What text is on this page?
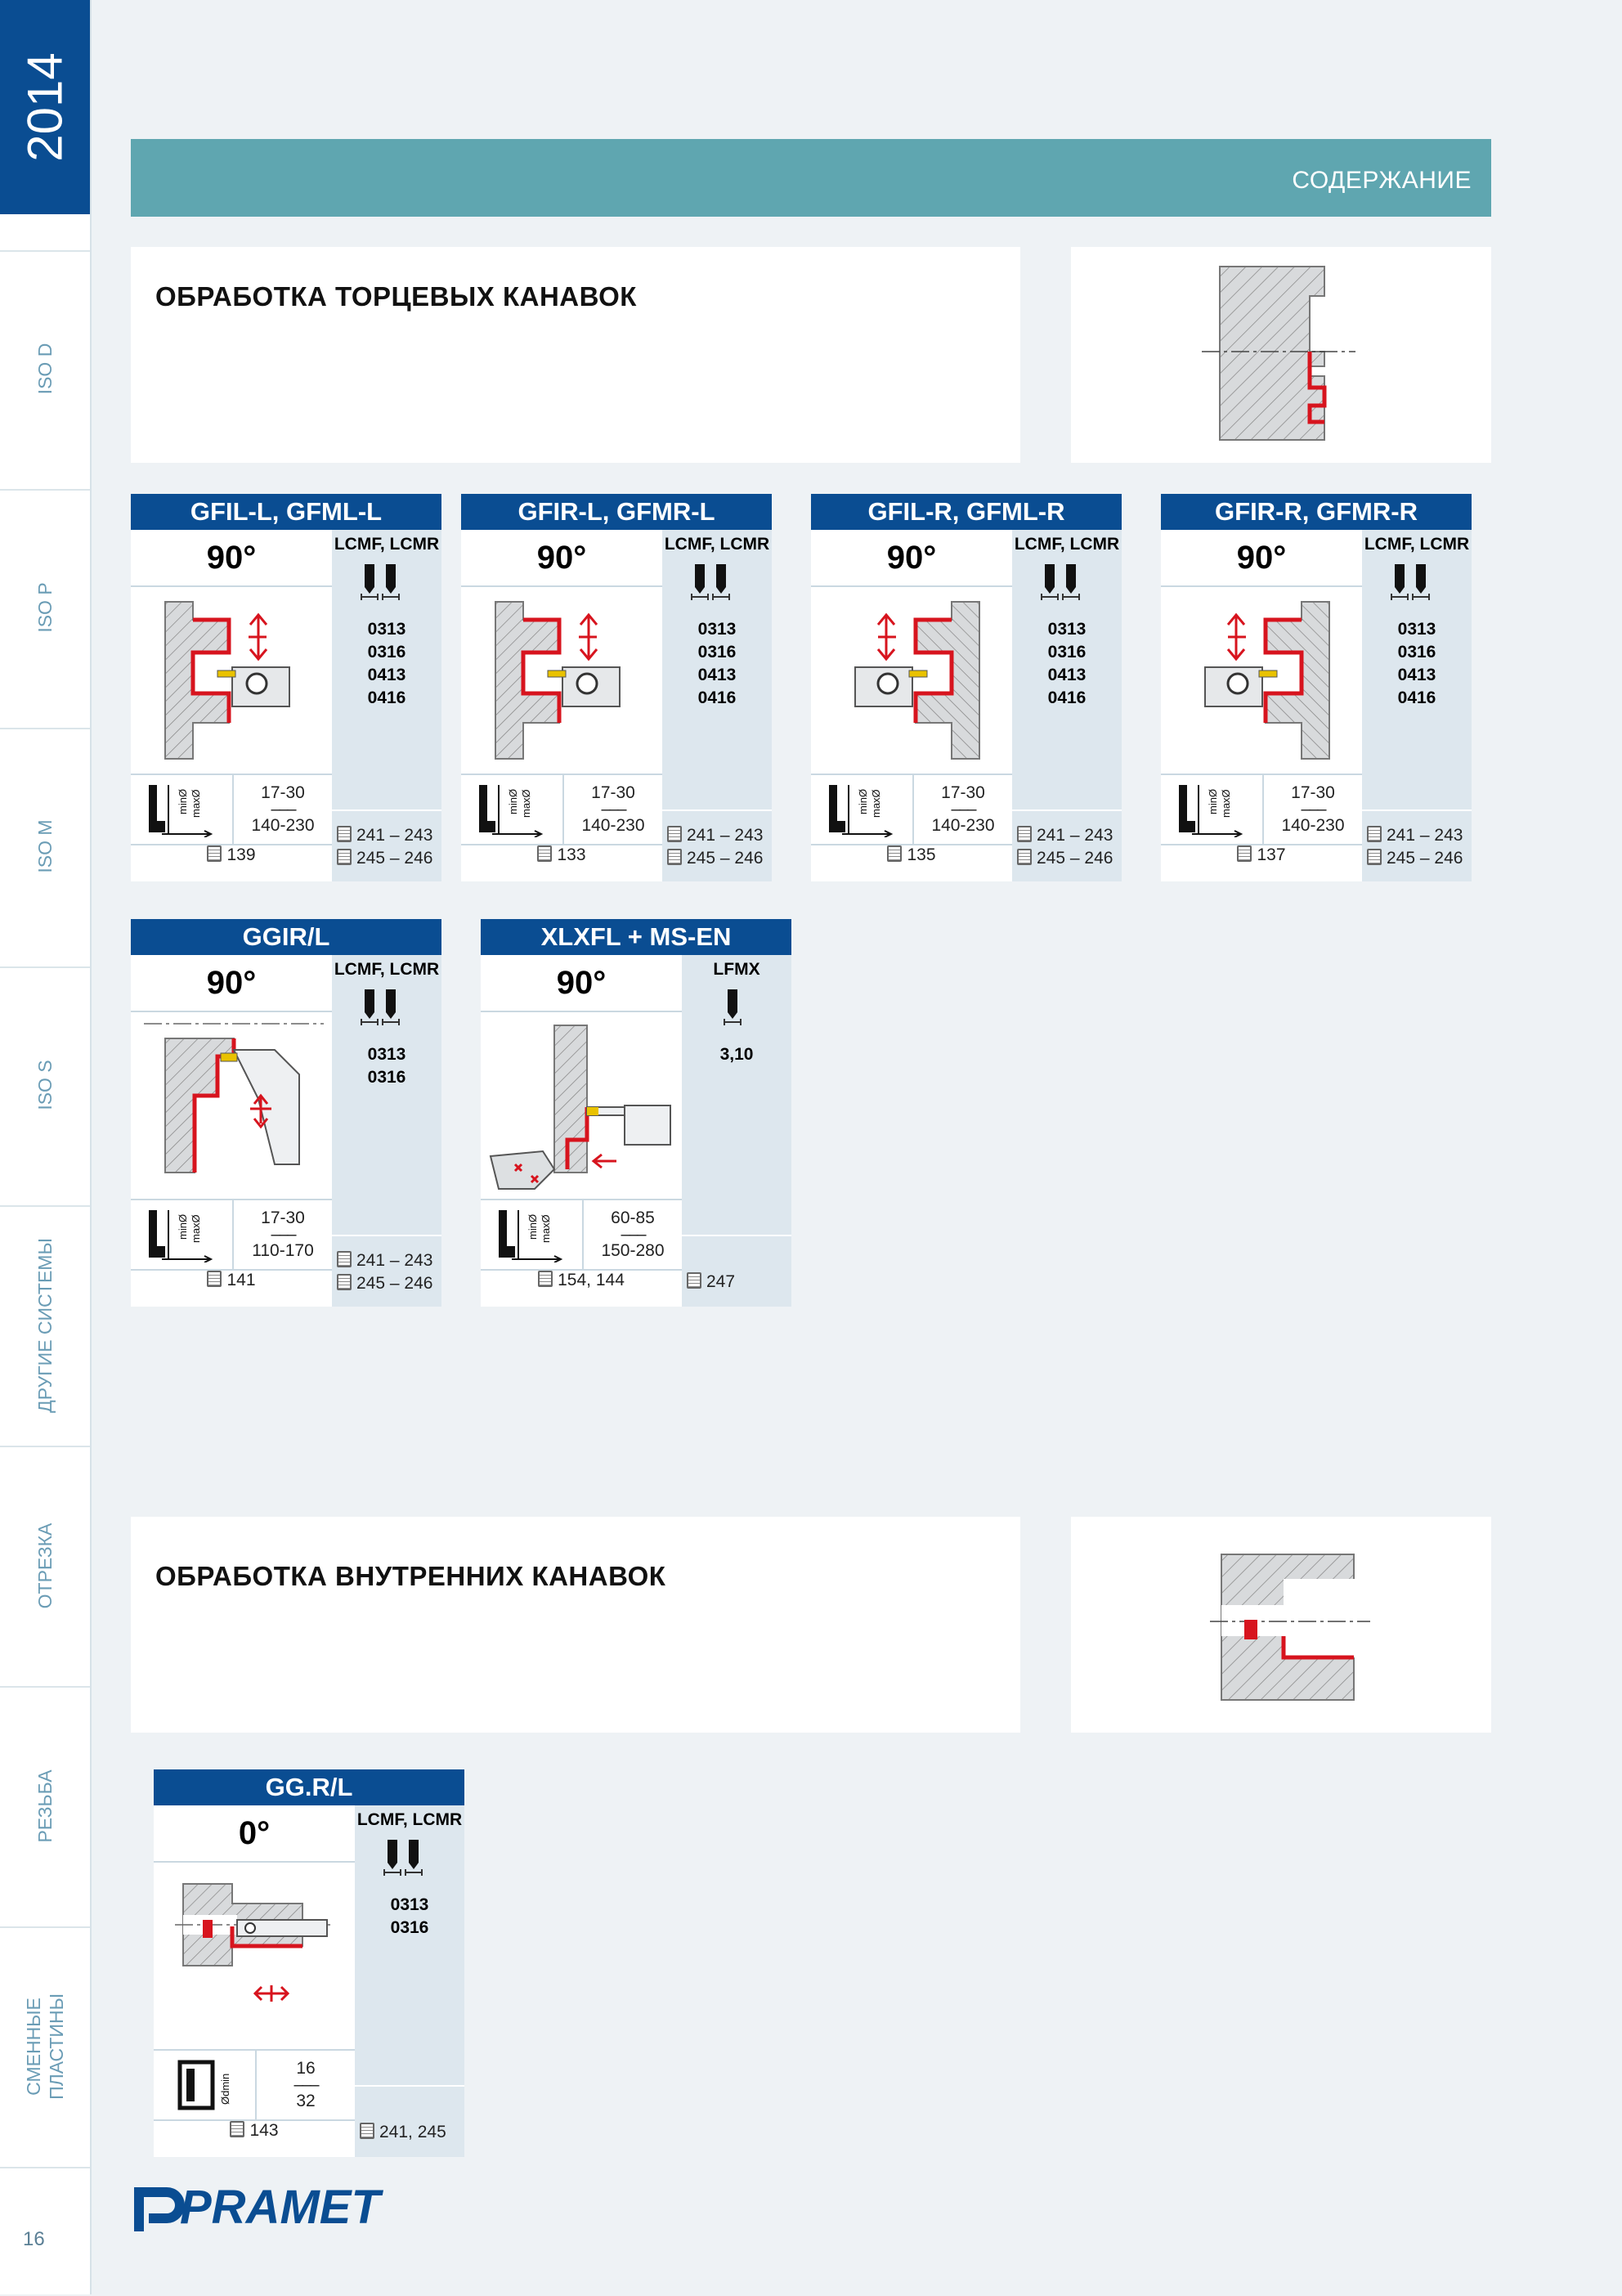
2014
ISO D
ISO P
ISO M
ISO S
ДРУГИЕ СИСТЕМЫ
ОТРЕЗКА
РЕЗЬБА
СМЕННЫЕ
ПЛАСТИНЫ
16
СОДЕРЖАНИЕ
ОБРАБОТКА ТОРЦЕВЫХ КАНАВОК
GFIL-L, GFML-L
90°	LCMF, LCMR
0313
0316
0413
0416
minØ maxØ	17-30
–––
140-230
139
241 – 243
245 – 246
GFIR-L, GFMR-L
90°	LCMF, LCMR
0313
0316
0413
0416
minØ maxØ	17-30
–––
140-230
133
241 – 243
245 – 246
GFIL-R, GFML-R
90°	LCMF, LCMR
0313
0316
0413
0416
minØ maxØ	17-30
–––
140-230
135
241 – 243
245 – 246
GFIR-R, GFMR-R
90°	LCMF, LCMR
0313
0316
0413
0416
minØ maxØ	17-30
–––
140-230
137
241 – 243
245 – 246
GGIR/L
90°	LCMF, LCMR
0313
0316
minØ maxØ	17-30
–––
110-170
141
241 – 243
245 – 246
XLXFL + MS-EN
90°	LFMX
3,10
minØ maxØ	60-85
–––
150-280
154, 144	247
GG.R/L
0°	LCMF, LCMR
0313
0316
Ødmin
16
–––
32
143	241, 245
ОБРАБОТКА ВНУТРЕННИХ КАНАВОК
PRAMET
